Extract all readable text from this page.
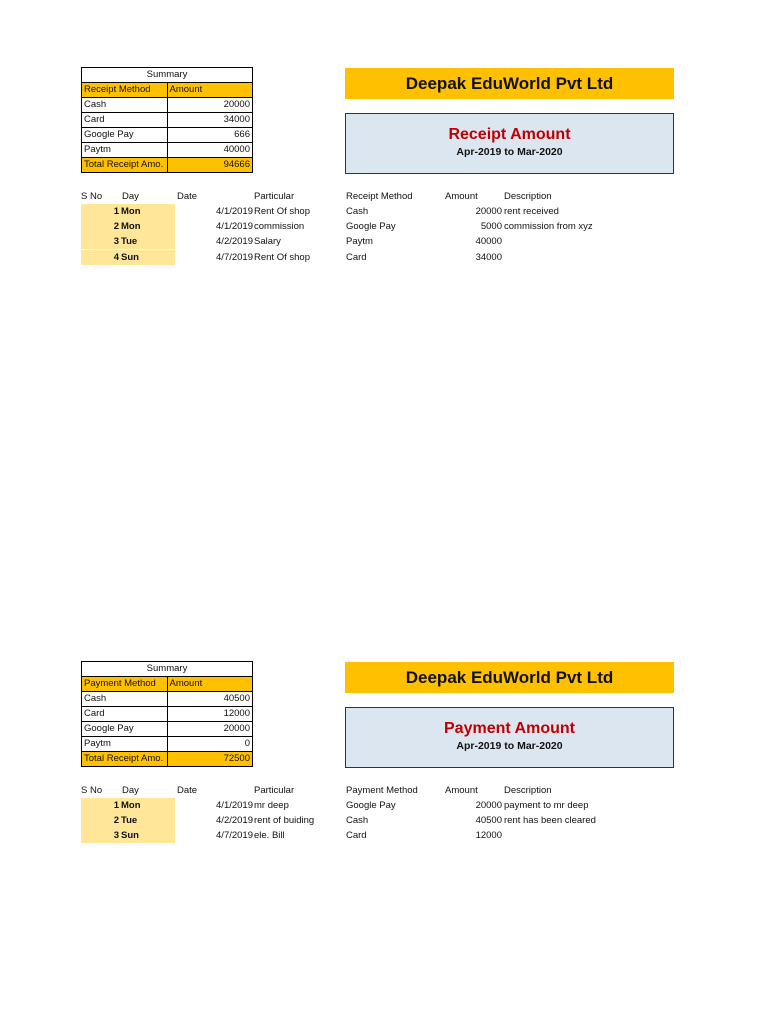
Summary	
Receipt Method	Amount
Cash	20000
Card	34000
Google Pay	666
Paytm	40000
Total Receipt Amo.	94666
Deepak EduWorld Pvt Ltd
Receipt Amount
Apr-2019 to Mar-2020
S No	Day	Date	Particular	Receipt Method	Amount	Description
1 Mon	4/1/2019 Rent Of shop	Cash	20000 rent received
2 Mon	4/1/2019 commission	Google Pay	5000 commission from xyz
3 Tue	4/2/2019 Salary	Paytm	40000
4 Sun	4/7/2019 Rent Of shop	Card	34000
Summary	
Payment Method	Amount
Cash	40500
Card	12000
Google Pay	20000
Paytm	0
Total Receipt Amo.	72500
Deepak EduWorld Pvt Ltd
Payment Amount
Apr-2019 to Mar-2020
S No	Day	Date	Particular	Payment Method	Amount	Description
1 Mon	4/1/2019 mr deep	Google Pay	20000 payment to mr deep
2 Tue	4/2/2019 rent of buiding	Cash	40500 rent has been cleared
3 Sun	4/7/2019 ele. Bill	Card	12000
